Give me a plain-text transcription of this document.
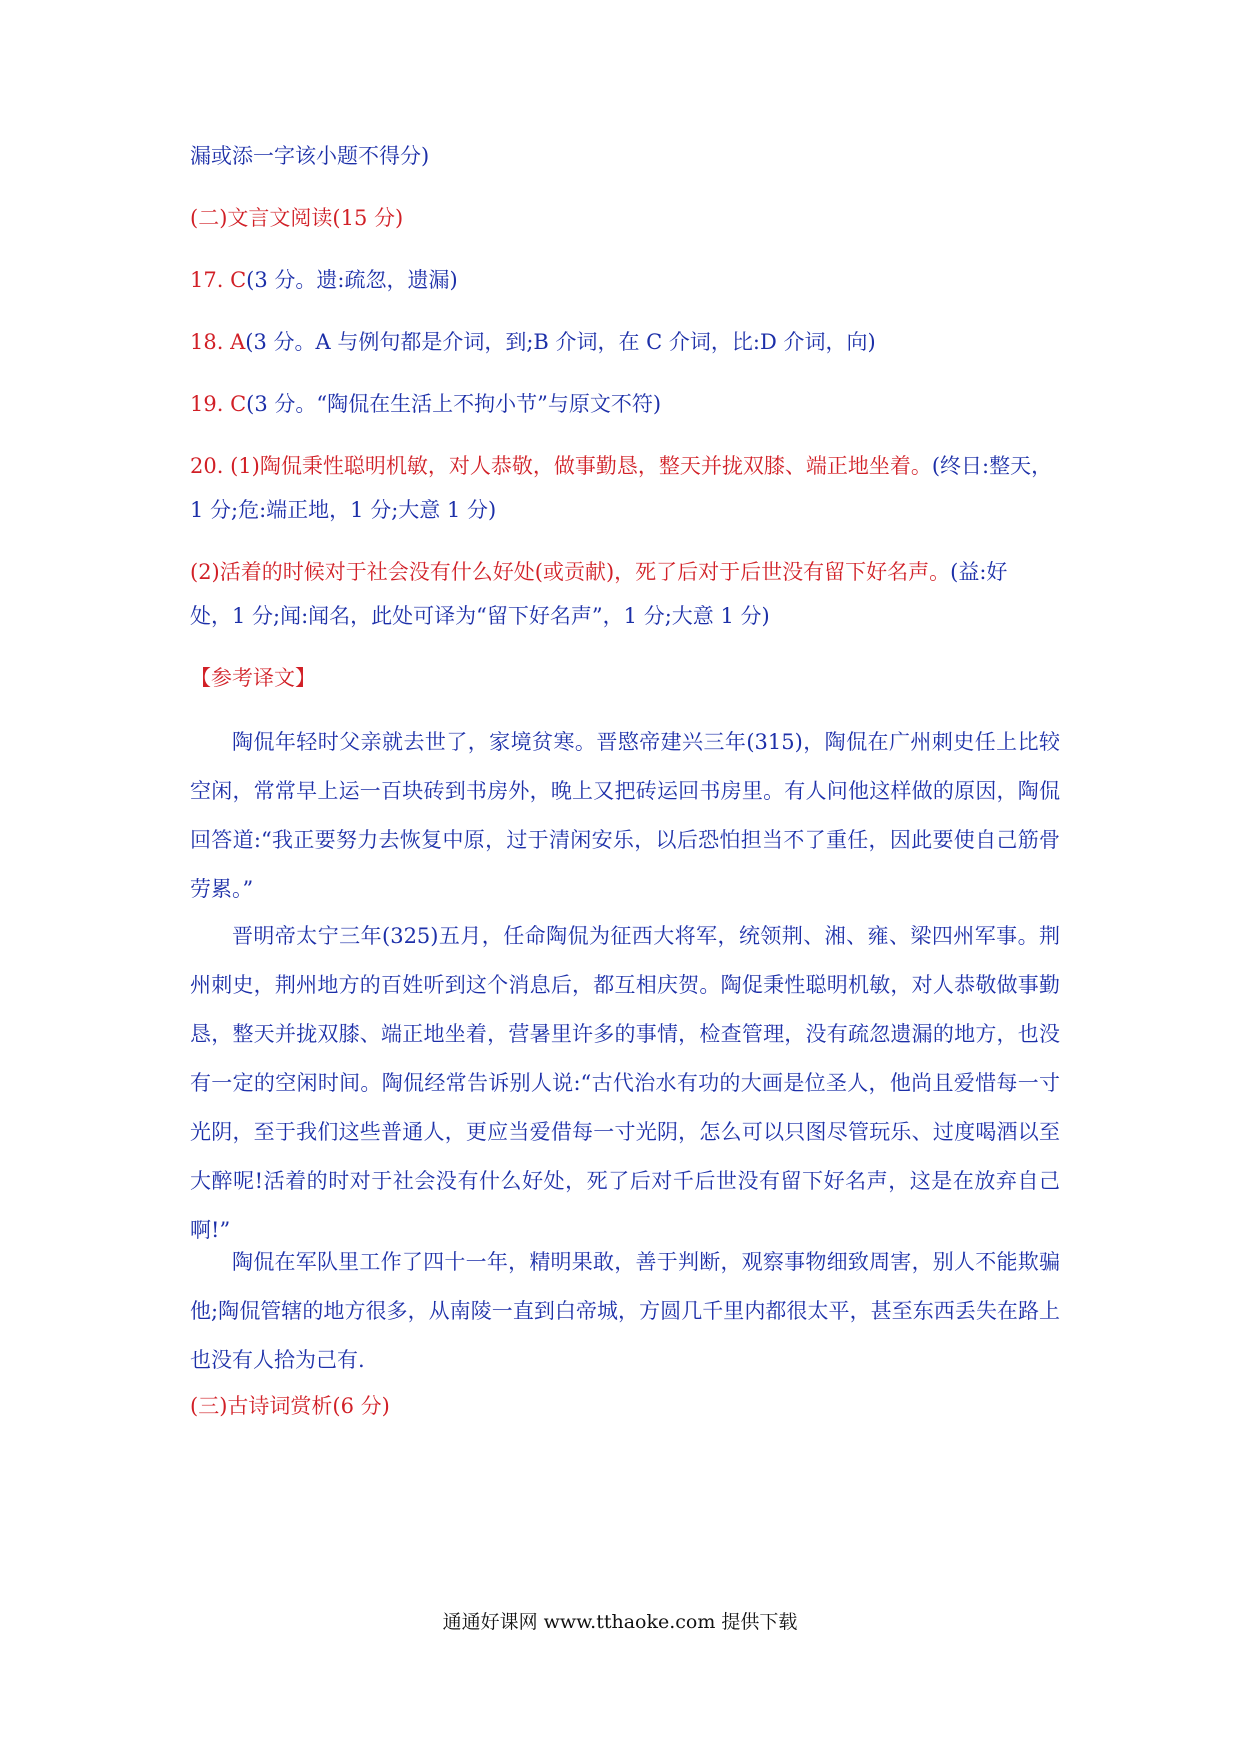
漏或添一字该小题不得分)
(二)文言文阅读(15 分)
17. C(3 分。遗:疏忽，遗漏)
18. A(3 分。A 与例句都是介词，到;B 介词，在 C 介词，比:D 介词，向)
19. C(3 分。“陶侃在生活上不拘小节”与原文不符)
20. (1)陶侃秉性聪明机敏，对人恭敬，做事勤恳，整天并拢双膝、端正地坐着。(终日:整天，
1 分;危:端正地，1 分;大意 1 分)
(2)活着的时候对于社会没有什么好处(或贡献)，死了后对于后世没有留下好名声。(益:好
处，1 分;闻:闻名，此处可译为“留下好名声”，1 分;大意 1 分)
【参考译文】
陶侃年轻时父亲就去世了，家境贫寒。晋愍帝建兴三年(315)，陶侃在广州刺史任上比较空闲，常常早上运一百块砖到书房外，晚上又把砖运回书房里。有人问他这样做的原因，陶侃回答道:“我正要努力去恢复中原，过于清闲安乐，以后恐怕担当不了重任，因此要使自己筋骨劳累。”
晋明帝太宁三年(325)五月，任命陶侃为征西大将军，统领荆、湘、雍、梁四州军事。荆州刺史，荆州地方的百姓听到这个消息后，都互相庆贺。陶促秉性聪明机敏，对人恭敬做事勤恳，整天并拢双膝、端正地坐着，营暑里许多的事情，检查管理，没有疏忽遗漏的地方，也没有一定的空闲时间。陶侃经常告诉别人说:“古代治水有功的大画是位圣人，他尚且爱惜每一寸光阴，至于我们这些普通人，更应当爱借每一寸光阴，怎么可以只图尽管玩乐、过度喝酒以至大醉呢!活着的时对于社会没有什么好处，死了后对千后世没有留下好名声，这是在放弃自己啊!”
陶侃在军队里工作了四十一年，精明果敢，善于判断，观察事物细致周害，别人不能欺骗他;陶侃管辖的地方很多，从南陵一直到白帝城，方圆几千里内都很太平，甚至东西丢失在路上也没有人拾为己有.
(三)古诗词赏析(6 分)
通通好课网 www.tthaoke.com 提供下载
